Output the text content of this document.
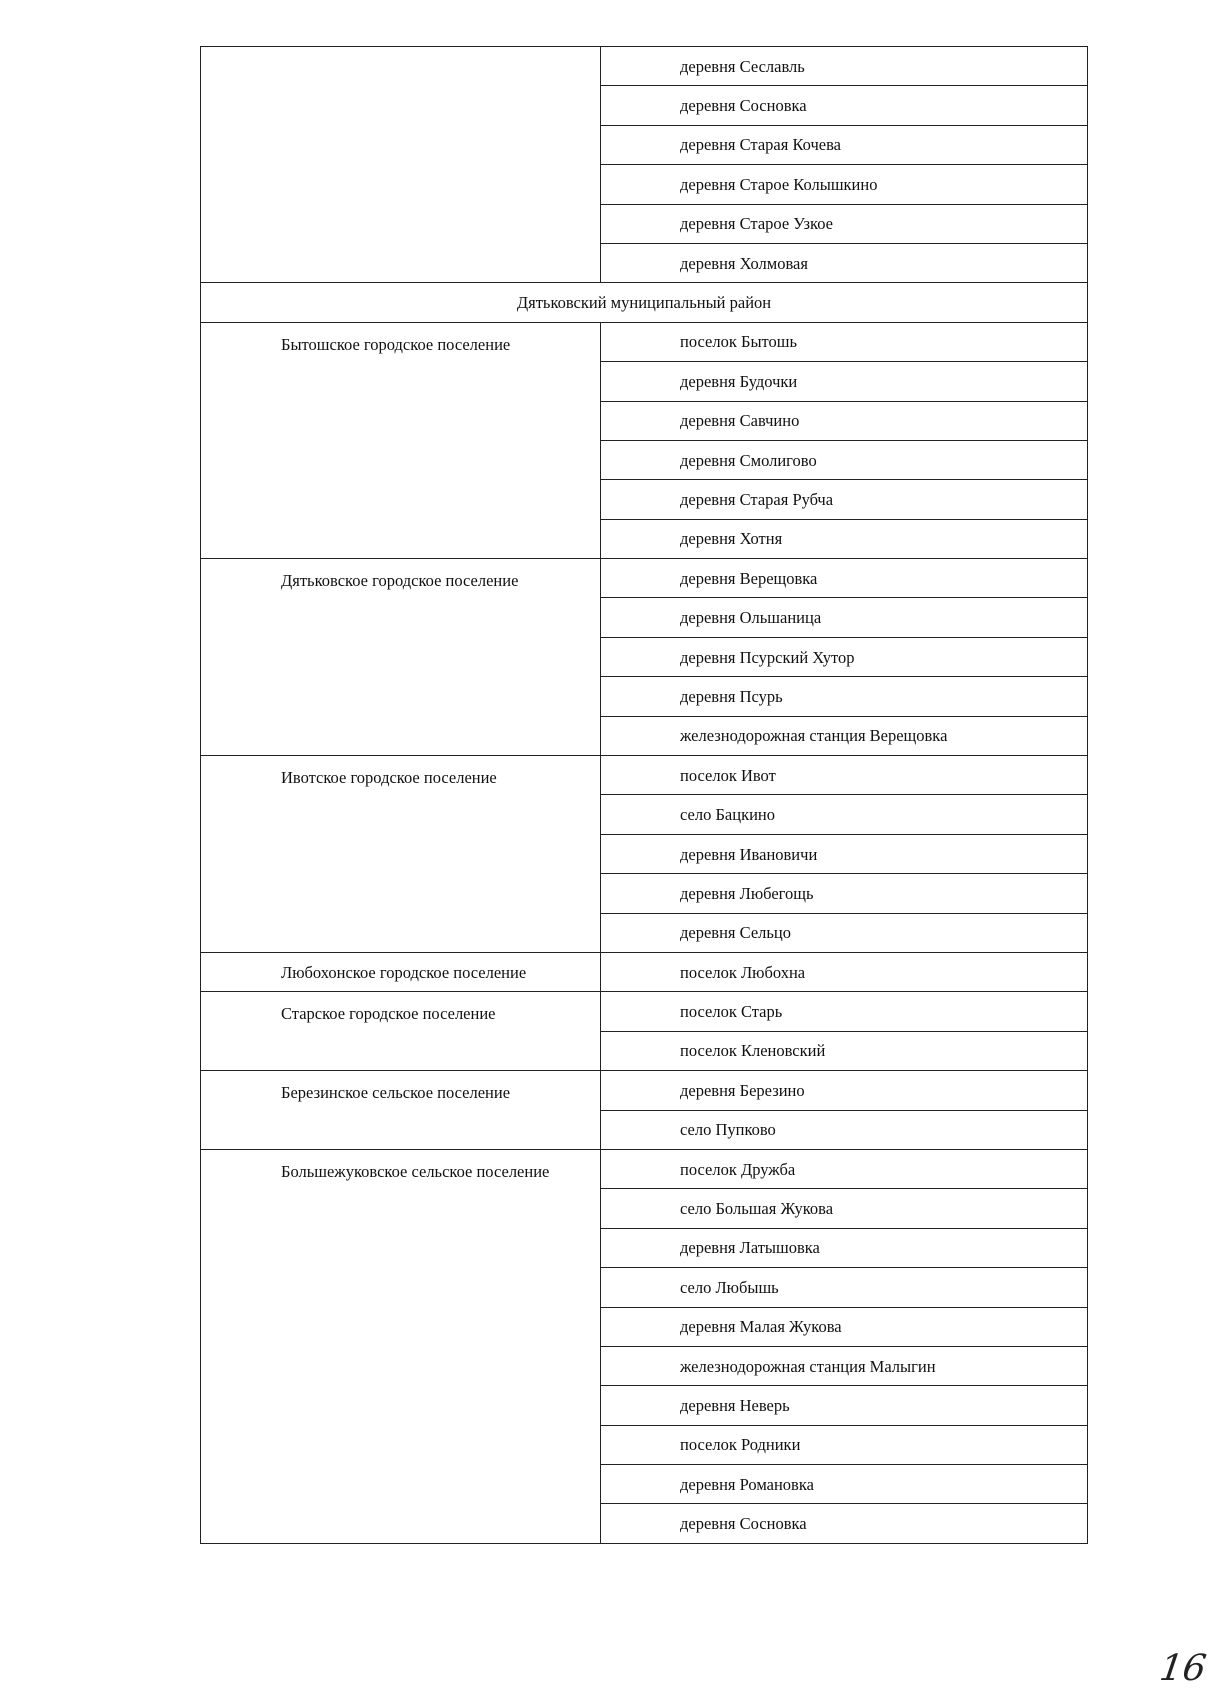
	деревня Сеславль
	деревня Сосновка
	деревня Старая Кочева
	деревня Старое Колышкино
	деревня Старое Узкое
	деревня Холмовая
Дятьковский муниципальный район	
Бытошское городское поселение	поселок Бытошь
	деревня Будочки
	деревня Савчино
	деревня Смолигово
	деревня Старая Рубча
	деревня Хотня
Дятьковское городское поселение	деревня Верещовка
	деревня Ольшаница
	деревня Псурский Хутор
	деревня Псурь
	железнодорожная станция Верещовка
Ивотское городское поселение	поселок Ивот
	село Бацкино
	деревня Ивановичи
	деревня Любегощь
	деревня Сельцо
Любохонское городское поселение	поселок Любохна
Старское городское поселение	поселок Старь
	поселок Кленовский
Березинское сельское поселение	деревня Березино
	село Пупково
Большежуковское сельское поселение	поселок Дружба
	село Большая Жукова
	деревня Латышовка
	село Любышь
	деревня Малая Жукова
	железнодорожная станция Малыгин
	деревня Неверь
	поселок Родники
	деревня Романовка
	деревня Сосновка
16
